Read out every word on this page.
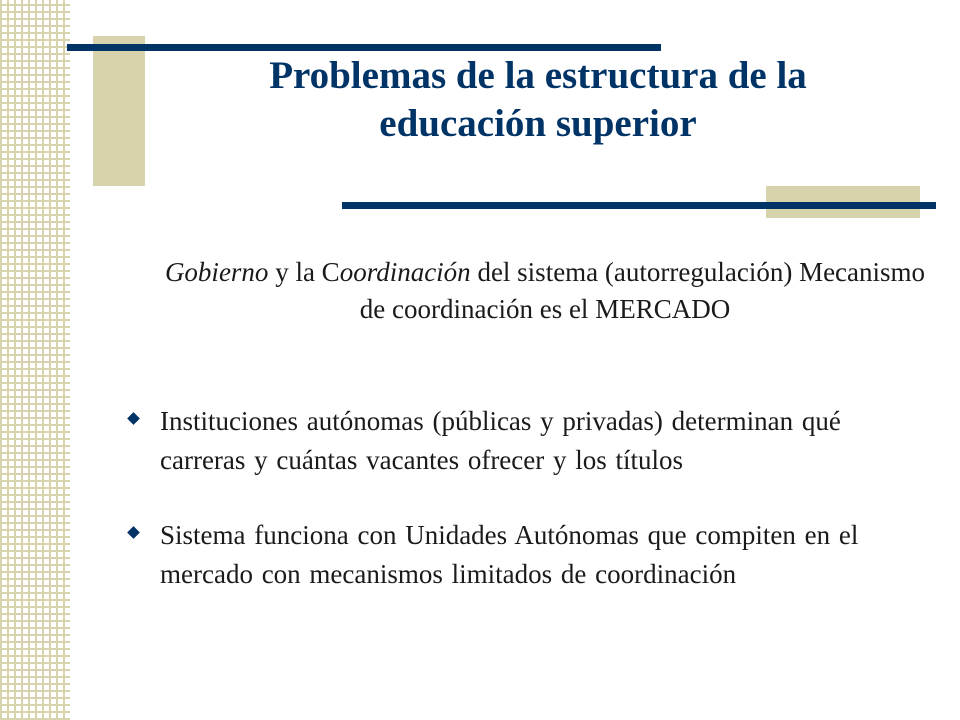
Problemas de la estructura de la
educación superior

Gobierno y la Coordinación del sistema (autorregulación) Mecanismo de coordinación es el MERCADO

Instituciones autónomas (públicas y privadas) determinan qué carreras y cuántas vacantes ofrecer y los títulos
Sistema funciona con Unidades Autónomas que compiten en el mercado con mecanismos limitados de coordinación
